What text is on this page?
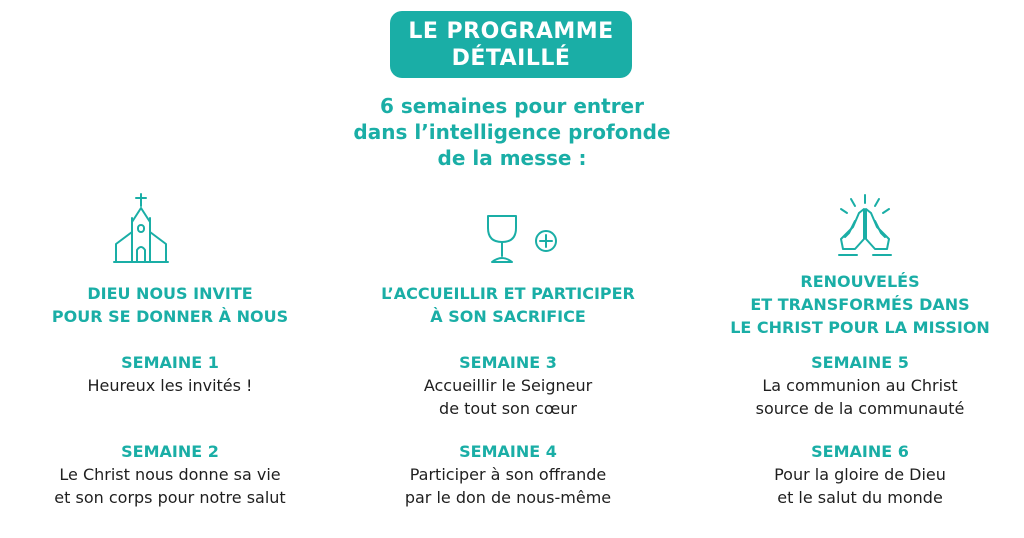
LE PROGRAMME
DÉTAILLÉ
6 semaines pour entrer
dans l’intelligence profonde
de la messe :
DIEU NOUS INVITE
POUR SE DONNER À NOUS
SEMAINE 1
Heureux les invités !
SEMAINE 2
Le Christ nous donne sa vie
et son corps pour notre salut
L’ACCUEILLIR ET PARTICIPER
À SON SACRIFICE
SEMAINE 3
Accueillir le Seigneur
de tout son cœur
SEMAINE 4
Participer à son offrande
par le don de nous-même
RENOUVELÉS
ET TRANSFORMÉS DANS
LE CHRIST POUR LA MISSION
SEMAINE 5
La communion au Christ
source de la communauté
SEMAINE 6
Pour la gloire de Dieu
et le salut du monde
